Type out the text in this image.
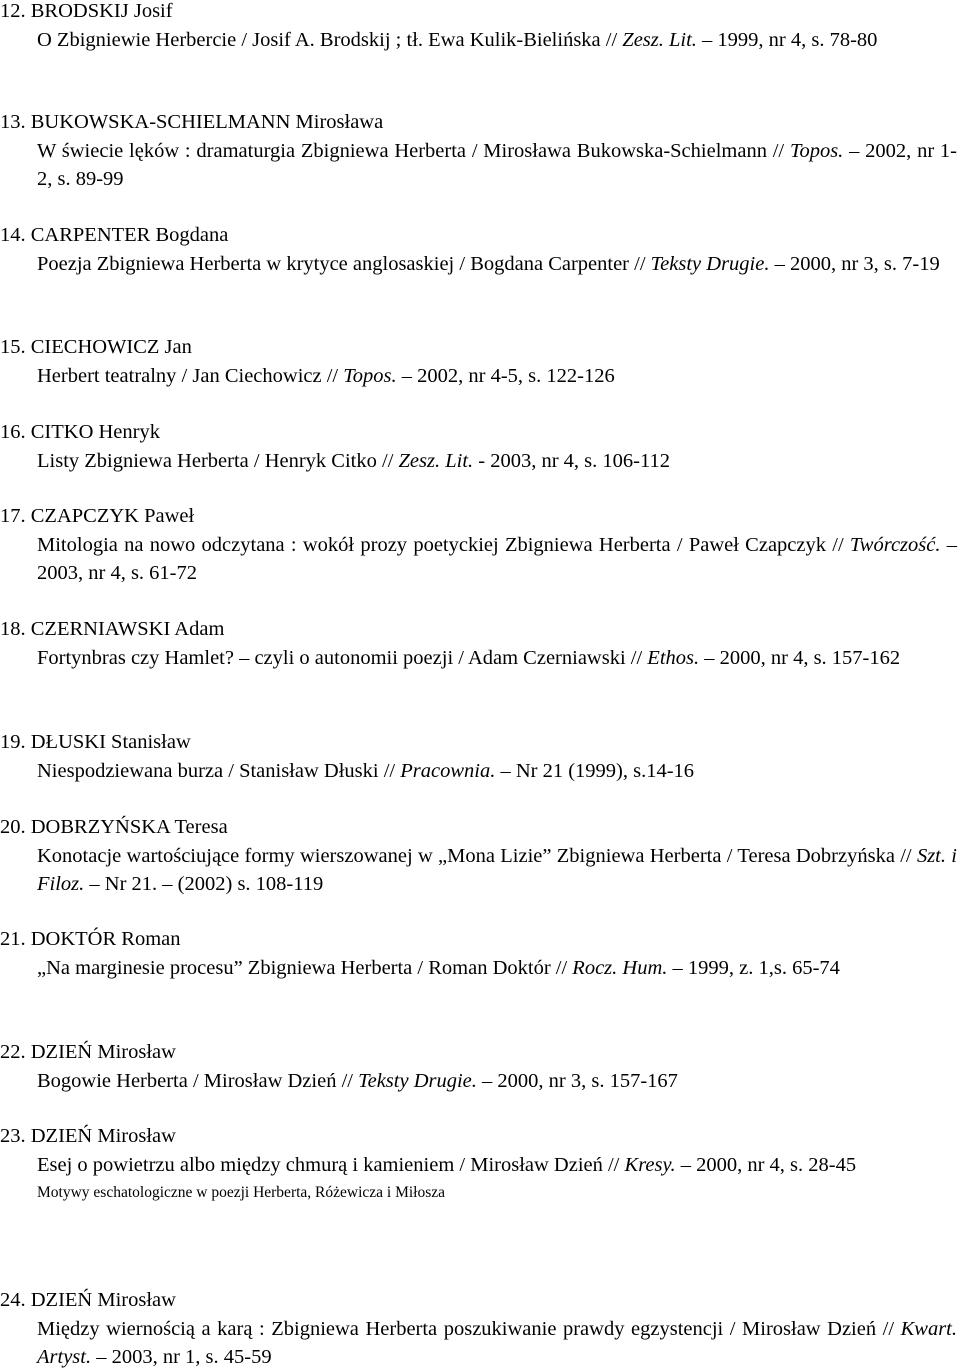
12. BRODSKIJ Josif

O Zbigniewie Herbercie / Josif A. Brodskij ; tł. Ewa Kulik-Bielińska // Zesz. Lit. – 1999, nr 4, s. 78-80

13. BUKOWSKA-SCHIELMANN Mirosława

W świecie lęków : dramaturgia Zbigniewa Herberta / Mirosława Bukowska-Schielmann // Topos. – 2002, nr 1-2, s. 89-99

14. CARPENTER Bogdana

Poezja Zbigniewa Herberta w krytyce anglosaskiej / Bogdana Carpenter // Teksty Drugie. – 2000, nr 3, s. 7-19

15. CIECHOWICZ Jan

Herbert teatralny / Jan Ciechowicz // Topos. – 2002, nr 4-5, s. 122-126

16. CITKO Henryk

Listy Zbigniewa Herberta / Henryk Citko // Zesz. Lit. - 2003, nr 4, s. 106-112

17. CZAPCZYK Paweł

Mitologia na nowo odczytana : wokół prozy poetyckiej Zbigniewa Herberta / Paweł Czapczyk // Twórczość. – 2003, nr 4, s. 61-72

18. CZERNIAWSKI Adam

Fortynbras czy Hamlet? – czyli o autonomii poezji / Adam Czerniawski // Ethos. – 2000, nr 4, s. 157-162

19. DŁUSKI Stanisław

Niespodziewana burza / Stanisław Dłuski // Pracownia. – Nr 21 (1999), s.14-16

20. DOBRZYŃSKA Teresa

Konotacje wartościujące formy wierszowanej w „Mona Lizie” Zbigniewa Herberta / Teresa Dobrzyńska // Szt. i Filoz. – Nr 21. – (2002) s. 108-119

21. DOKTÓR Roman

„Na marginesie procesu” Zbigniewa Herberta / Roman Doktór // Rocz. Hum. – 1999, z. 1,s. 65-74

22. DZIEŃ Mirosław

Bogowie Herberta / Mirosław Dzień // Teksty Drugie. – 2000, nr 3, s. 157-167

23. DZIEŃ Mirosław

Esej o powietrzu albo między chmurą i kamieniem / Mirosław Dzień // Kresy. – 2000, nr 4, s. 28-45

Motywy eschatologiczne w poezji Herberta, Różewicza i Miłosza
24. DZIEŃ Mirosław

Między wiernością a karą : Zbigniewa Herberta poszukiwanie prawdy egzystencji / Mirosław Dzień // Kwart. Artyst. – 2003, nr 1, s. 45-59
